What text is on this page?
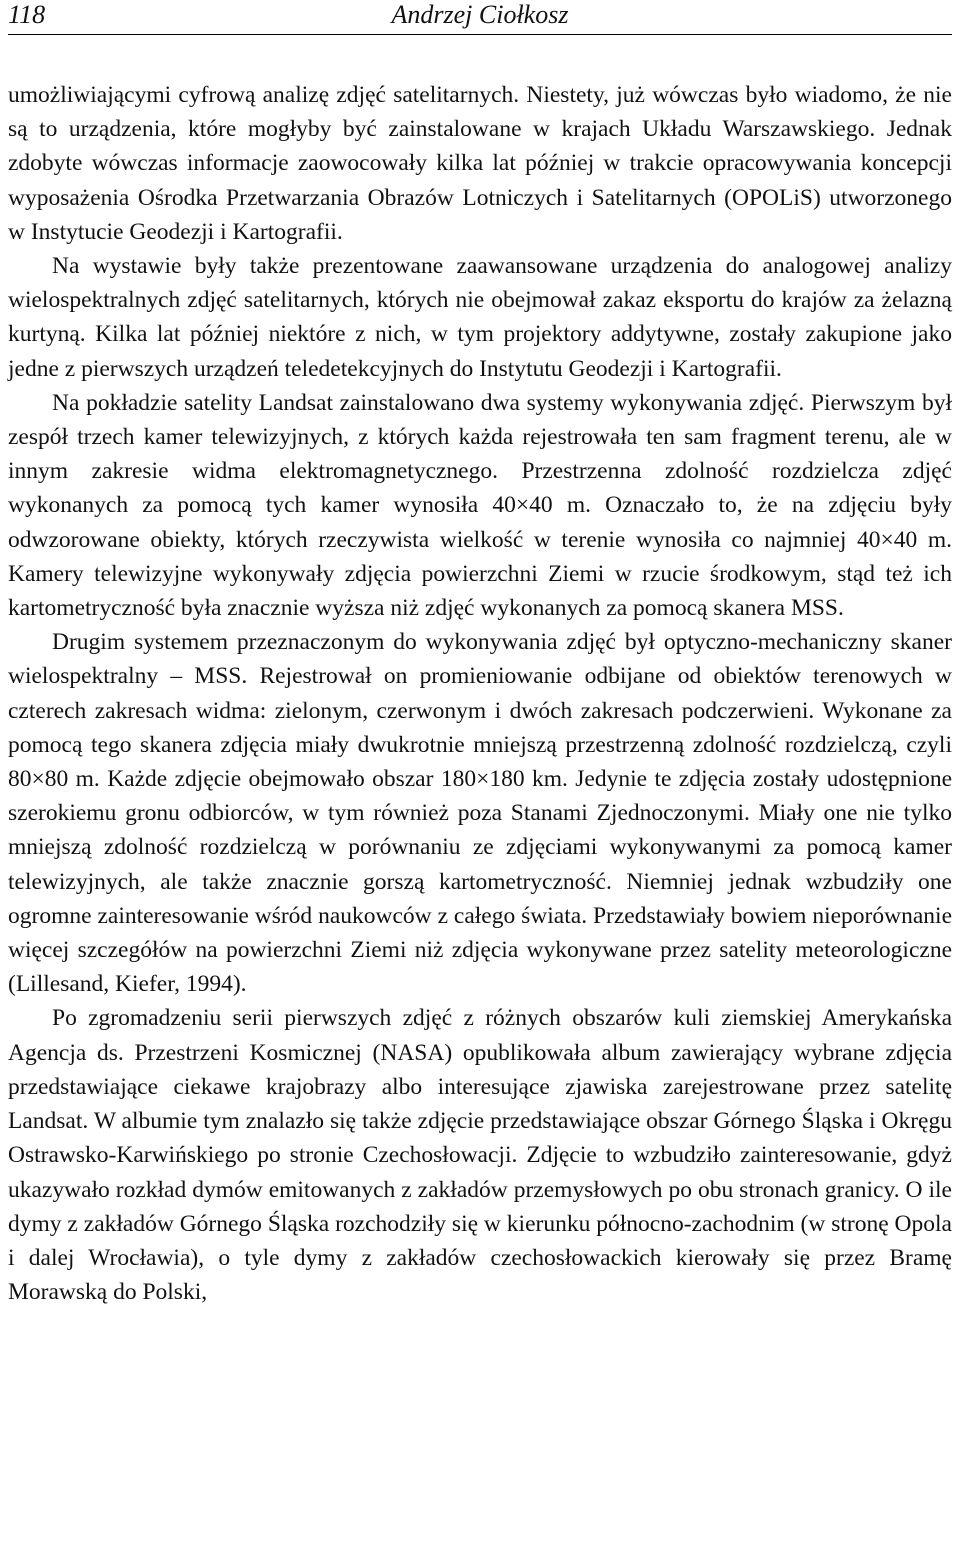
118	Andrzej Ciołkosz

umożliwiającymi cyfrową analizę zdjęć satelitarnych. Niestety, już wówczas było wiadomo, że nie są to urządzenia, które mogłyby być zainstalowane w krajach Układu Warszawskiego. Jednak zdobyte wówczas informacje zaowocowały kilka lat później w trakcie opracowywania koncepcji wyposażenia Ośrodka Przetwarzania Obrazów Lotniczych i Satelitarnych (OPOLiS) utworzonego w Instytucie Geodezji i Kartografii.

Na wystawie były także prezentowane zaawansowane urządzenia do analogowej analizy wielospektralnych zdjęć satelitarnych, których nie obejmował zakaz eksportu do krajów za żelazną kurtyną. Kilka lat później niektóre z nich, w tym projektory addytywne, zostały zakupione jako jedne z pierwszych urządzeń teledetekcyjnych do Instytutu Geodezji i Kartografii.

Na pokładzie satelity Landsat zainstalowano dwa systemy wykonywania zdjęć. Pierwszym był zespół trzech kamer telewizyjnych, z których każda rejestrowała ten sam fragment terenu, ale w innym zakresie widma elektromagnetycznego. Przestrzenna zdolność rozdzielcza zdjęć wykonanych za pomocą tych kamer wynosiła 40×40 m. Oznaczało to, że na zdjęciu były odwzorowane obiekty, których rzeczywista wielkość w terenie wynosiła co najmniej 40×40 m. Kamery telewizyjne wykonywały zdjęcia powierzchni Ziemi w rzucie środkowym, stąd też ich kartometryczność była znacznie wyższa niż zdjęć wykonanych za pomocą skanera MSS.

Drugim systemem przeznaczonym do wykonywania zdjęć był optyczno-mechaniczny skaner wielospektralny – MSS. Rejestrował on promieniowanie odbijane od obiektów terenowych w czterech zakresach widma: zielonym, czerwonym i dwóch zakresach podczerwieni. Wykonane za pomocą tego skanera zdjęcia miały dwukrotnie mniejszą przestrzenną zdolność rozdzielczą, czyli 80×80 m. Każde zdjęcie obejmowało obszar 180×180 km. Jedynie te zdjęcia zostały udostępnione szerokiemu gronu odbiorców, w tym również poza Stanami Zjednoczonymi. Miały one nie tylko mniejszą zdolność rozdzielczą w porównaniu ze zdjęciami wykonywanymi za pomocą kamer telewizyjnych, ale także znacznie gorszą kartometryczność. Niemniej jednak wzbudziły one ogromne zainteresowanie wśród naukowców z całego świata. Przedstawiały bowiem nieporównanie więcej szczegółów na powierzchni Ziemi niż zdjęcia wykonywane przez satelity meteorologiczne (Lillesand, Kiefer, 1994).

Po zgromadzeniu serii pierwszych zdjęć z różnych obszarów kuli ziemskiej Amerykańska Agencja ds. Przestrzeni Kosmicznej (NASA) opublikowała album zawierający wybrane zdjęcia przedstawiające ciekawe krajobrazy albo interesujące zjawiska zarejestrowane przez satelitę Landsat. W albumie tym znalazło się także zdjęcie przedstawiające obszar Górnego Śląska i Okręgu Ostrawsko-Karwińskiego po stronie Czechosłowacji. Zdjęcie to wzbudziło zainteresowanie, gdyż ukazywało rozkład dymów emitowanych z zakładów przemysłowych po obu stronach granicy. O ile dymy z zakładów Górnego Śląska rozchodziły się w kierunku północno-zachodnim (w stronę Opola i dalej Wrocławia), o tyle dymy z zakładów czechosłowackich kierowały się przez Bramę Morawską do Polski,
